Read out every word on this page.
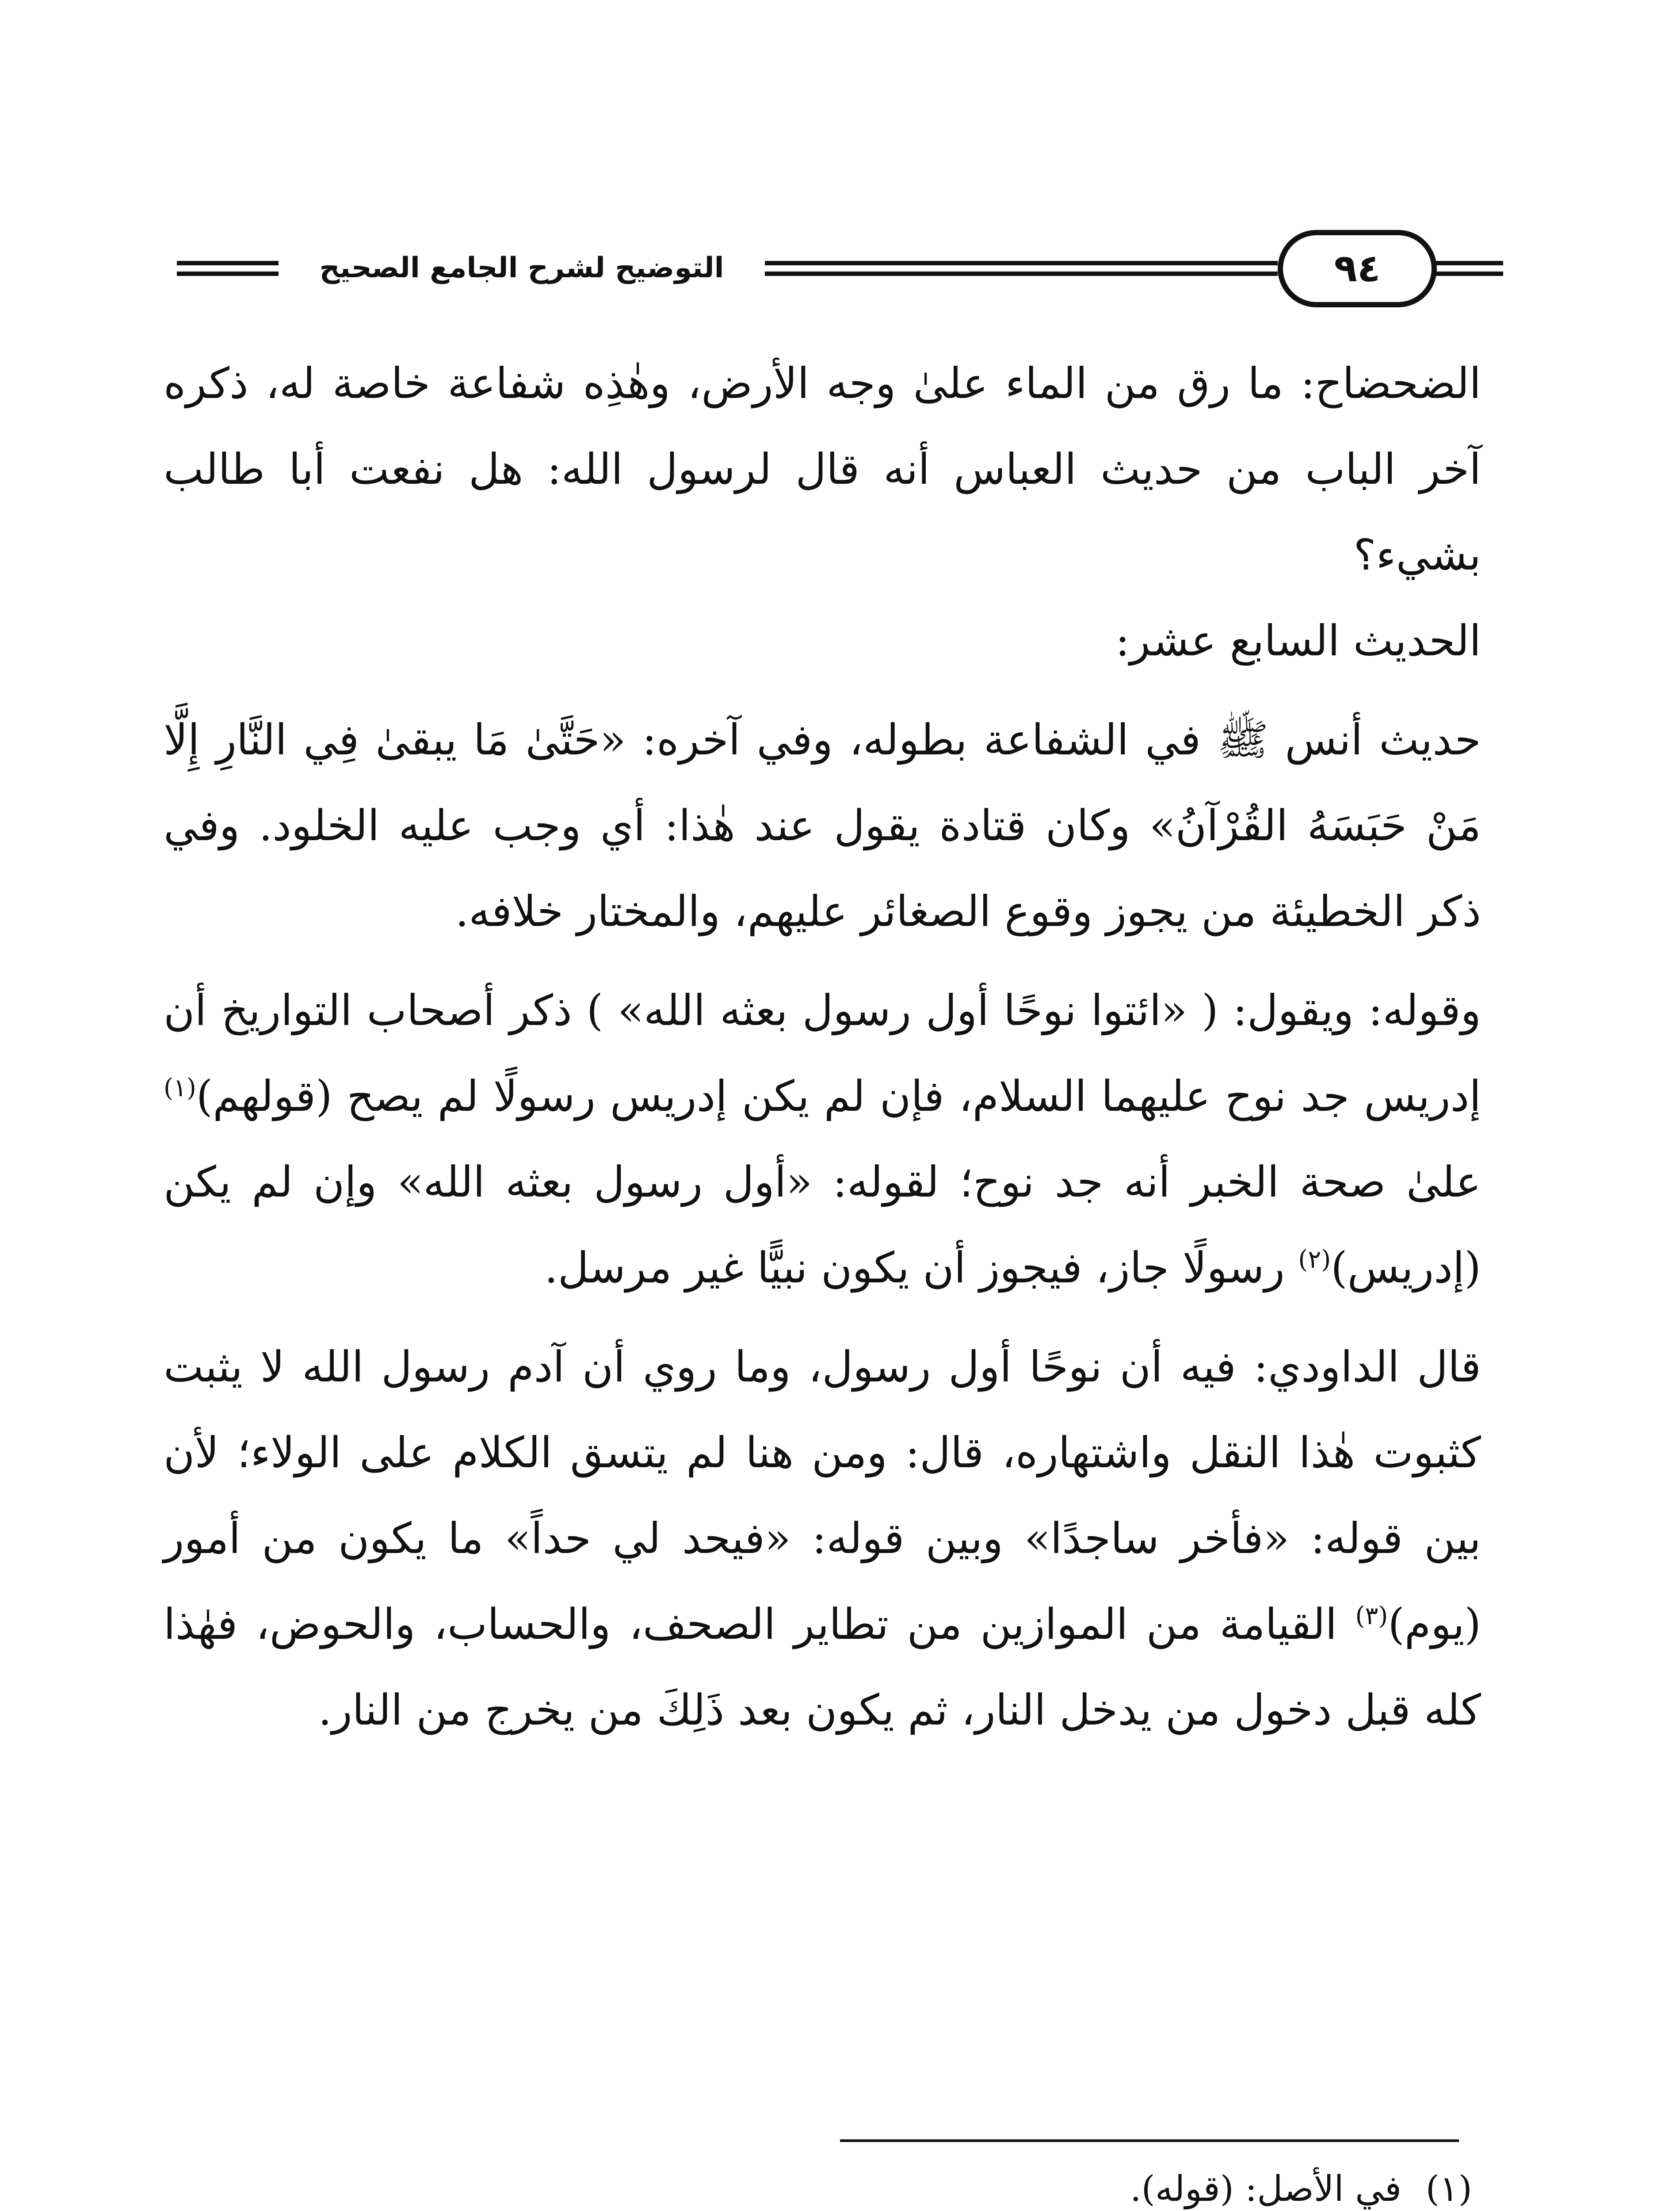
التوضيح لشرح الجامع الصحيح	٩٤

الضحضاح: ما رق من الماء علىٰ وجه الأرض، وهٰذِه شفاعة خاصة له، ذكره آخر الباب من حديث العباس أنه قال لرسول الله: هل نفعت أبا طالب بشيء؟

الحديث السابع عشر:

حديث أنس ﷺ في الشفاعة بطوله، وفي آخره: «حَتَّىٰ مَا يبقىٰ فِي النَّارِ إِلَّا مَنْ حَبَسَهُ القُرْآنُ» وكان قتادة يقول عند هٰذا: أي وجب عليه الخلود. وفي ذكر الخطيئة من يجوز وقوع الصغائر عليهم، والمختار خلافه.

وقوله: ويقول: ( «ائتوا نوحًا أول رسول بعثه الله» ) ذكر أصحاب التواريخ أن إدريس جد نوح عليهما السلام، فإن لم يكن إدريس رسولًا لم يصح (قولهم)$^{(١)}$ علىٰ صحة الخبر أنه جد نوح؛ لقوله: «أول رسول بعثه الله» وإن لم يكن (إدريس)$^{(٢)}$ رسولًا جاز، فيجوز أن يكون نبيًّا غير مرسل.

قال الداودي: فيه أن نوحًا أول رسول، وما روي أن آدم رسول الله لا يثبت كثبوت هٰذا النقل واشتهاره، قال: ومن هنا لم يتسق الكلام على الولاء؛ لأن بين قوله: «فأخر ساجدًا» وبين قوله: «فيحد لي حداً» ما يكون من أمور (يوم)$^{(٣)}$ القيامة من الموازين من تطاير الصحف، والحساب، والحوض، فهٰذا كله قبل دخول من يدخل النار، ثم يكون بعد ذَلِكَ من يخرج من النار.

(١)في الأصل: (قوله).
